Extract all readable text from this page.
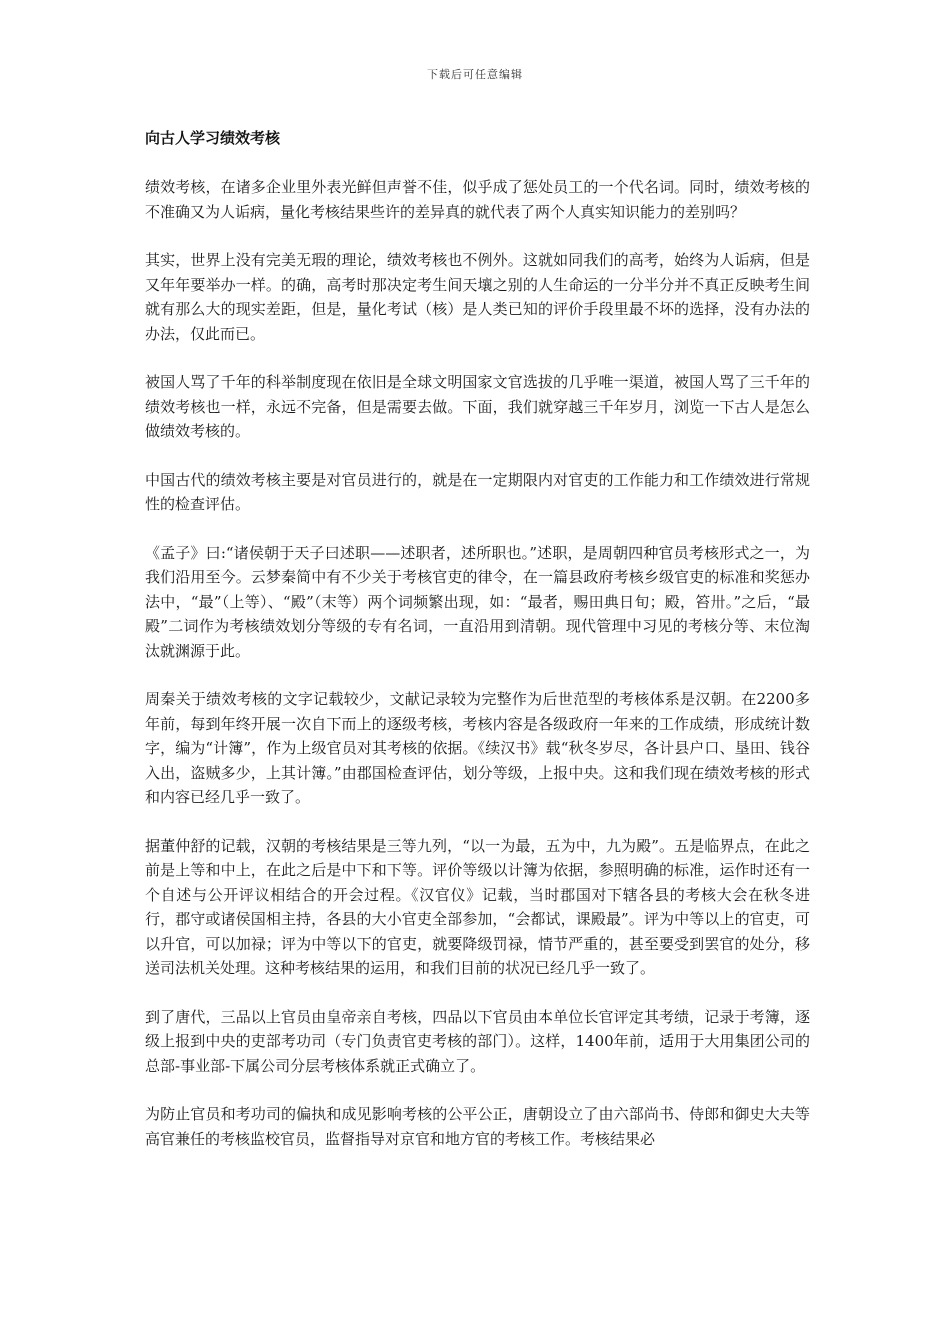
下载后可任意编辑
向古人学习绩效考核

绩效考核，在诸多企业里外表光鲜但声誉不佳，似乎成了惩处员工的一个代名词。同时，绩效考核的不准确又为人诟病，量化考核结果些许的差异真的就代表了两个人真实知识能力的差别吗？

其实，世界上没有完美无瑕的理论，绩效考核也不例外。这就如同我们的高考，始终为人诟病，但是又年年要举办一样。的确，高考时那决定考生间天壤之别的人生命运的一分半分并不真正反映考生间就有那么大的现实差距，但是，量化考试（核）是人类已知的评价手段里最不坏的选择，没有办法的办法，仅此而已。

被国人骂了千年的科举制度现在依旧是全球文明国家文官选拔的几乎唯一渠道，被国人骂了三千年的绩效考核也一样，永远不完备，但是需要去做。下面，我们就穿越三千年岁月，浏览一下古人是怎么做绩效考核的。

中国古代的绩效考核主要是对官员进行的，就是在一定期限内对官吏的工作能力和工作绩效进行常规性的检查评估。

《孟子》曰:“诸侯朝于天子曰述职——述职者，述所职也。”述职，是周朝四种官员考核形式之一，为我们沿用至今。云梦秦简中有不少关于考核官吏的律令，在一篇县政府考核乡级官吏的标准和奖惩办法中，“最”（上等）、“殿”（末等）两个词频繁出现，如：“最者，赐田典日旬；殿，笞卅。”之后，“最殿”二词作为考核绩效划分等级的专有名词，一直沿用到清朝。现代管理中习见的考核分等、末位淘汰就渊源于此。

周秦关于绩效考核的文字记载较少，文献记录较为完整作为后世范型的考核体系是汉朝。在2200多年前，每到年终开展一次自下而上的逐级考核，考核内容是各级政府一年来的工作成绩，形成统计数字，编为“计簿”，作为上级官员对其考核的依据。《续汉书》载“秋冬岁尽，各计县户口、垦田、钱谷入出，盗贼多少，上其计簿。”由郡国检查评估，划分等级，上报中央。这和我们现在绩效考核的形式和内容已经几乎一致了。

据董仲舒的记载，汉朝的考核结果是三等九列，“以一为最，五为中，九为殿”。五是临界点，在此之前是上等和中上，在此之后是中下和下等。评价等级以计簿为依据，参照明确的标准，运作时还有一个自述与公开评议相结合的开会过程。《汉官仪》记载，当时郡国对下辖各县的考核大会在秋冬进行，郡守或诸侯国相主持，各县的大小官吏全部参加，“会都试，课殿最”。评为中等以上的官吏，可以升官，可以加禄；评为中等以下的官吏，就要降级罚禄，情节严重的，甚至要受到罢官的处分，移送司法机关处理。这种考核结果的运用，和我们目前的状况已经几乎一致了。

到了唐代，三品以上官员由皇帝亲自考核，四品以下官员由本单位长官评定其考绩，记录于考簿，逐级上报到中央的吏部考功司（专门负责官吏考核的部门）。这样，1400年前，适用于大用集团公司的总部-事业部-下属公司分层考核体系就正式确立了。

为防止官员和考功司的偏执和成见影响考核的公平公正，唐朝设立了由六部尚书、侍郎和御史大夫等高官兼任的考核监校官员，监督指导对京官和地方官的考核工作。考核结果必
